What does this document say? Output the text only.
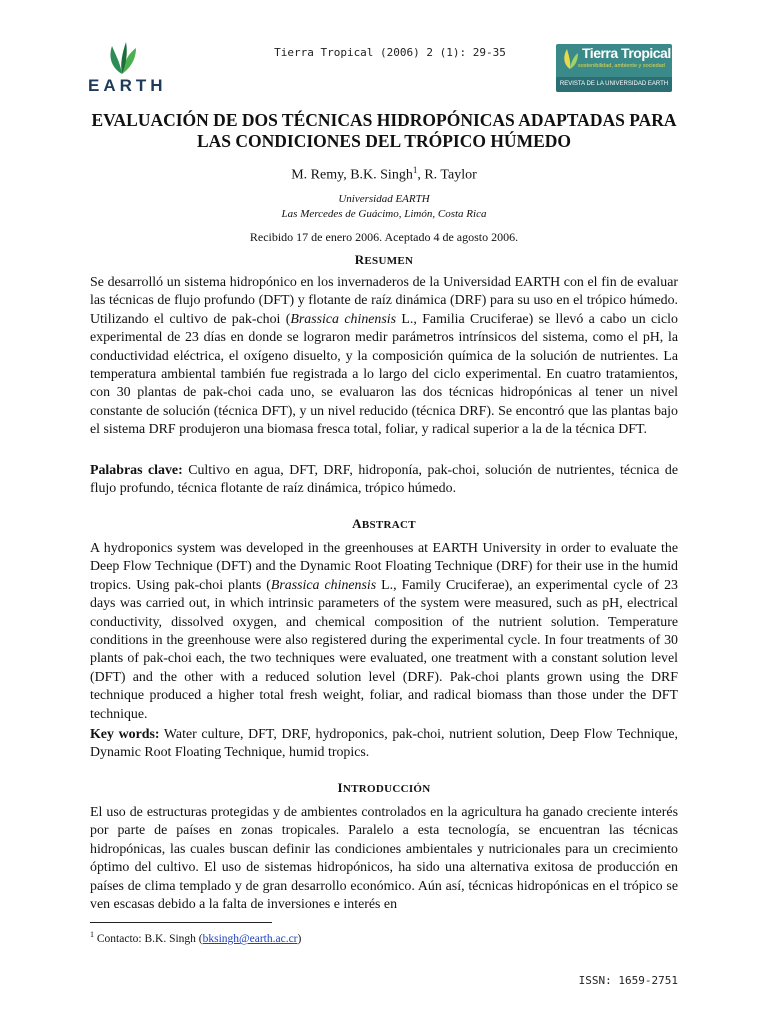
EARTH
Tierra Tropical (2006) 2 (1): 29-35	Tierra Tropical
sostenibilidad, ambiente y sociedad
REVISTA DE LA UNIVERSIDAD EARTH
EVALUACIÓN DE DOS TÉCNICAS HIDROPÓNICAS ADAPTADAS PARA LAS CONDICIONES DEL TRÓPICO HÚMEDO
M. Remy, B.K. Singh$^1$, R. Taylor
Universidad EARTH
Las Mercedes de Guácimo, Limón, Costa Rica
Recibido 17 de enero 2006. Aceptado 4 de agosto 2006.
RESUMEN

Se desarrolló un sistema hidropónico en los invernaderos de la Universidad EARTH con el fin de evaluar las técnicas de flujo profundo (DFT) y flotante de raíz dinámica (DRF) para su uso en el trópico húmedo. Utilizando el cultivo de pak-choi (Brassica chinensis L., Familia Cruciferae) se llevó a cabo un ciclo experimental de 23 días en donde se lograron medir parámetros intrínsicos del sistema, como el pH, la conductividad eléctrica, el oxígeno disuelto, y la composición química de la solución de nutrientes. La temperatura ambiental también fue registrada a lo largo del ciclo experimental. En cuatro tratamientos, con 30 plantas de pak-choi cada uno, se evaluaron las dos técnicas hidropónicas al tener un nivel constante de solución (técnica DFT), y un nivel reducido (técnica DRF). Se encontró que las plantas bajo el sistema DRF produjeron una biomasa fresca total, foliar, y radical superior a la de la técnica DFT.

Palabras clave: Cultivo en agua, DFT, DRF, hidroponía, pak-choi, solución de nutrientes, técnica de flujo profundo, técnica flotante de raíz dinámica, trópico húmedo.

ABSTRACT

A hydroponics system was developed in the greenhouses at EARTH University in order to evaluate the Deep Flow Technique (DFT) and the Dynamic Root Floating Technique (DRF) for their use in the humid tropics. Using pak-choi plants (Brassica chinensis L., Family Cruciferae), an experimental cycle of 23 days was carried out, in which intrinsic parameters of the system were measured, such as pH, electrical conductivity, dissolved oxygen, and chemical composition of the nutrient solution. Temperature conditions in the greenhouse were also registered during the experimental cycle. In four treatments of 30 plants of pak-choi each, the two techniques were evaluated, one treatment with a constant solution level (DFT) and the other with a reduced solution level (DRF). Pak-choi plants grown using the DRF technique produced a higher total fresh weight, foliar, and radical biomass than those under the DFT technique.

Key words: Water culture, DFT, DRF, hydroponics, pak-choi, nutrient solution, Deep Flow Technique, Dynamic Root Floating Technique, humid tropics.

INTRODUCCIÓN

El uso de estructuras protegidas y de ambientes controlados en la agricultura ha ganado creciente interés por parte de países en zonas tropicales. Paralelo a esta tecnología, se encuentran las técnicas hidropónicas, las cuales buscan definir las condiciones ambientales y nutricionales para un crecimiento óptimo del cultivo. El uso de sistemas hidropónicos, ha sido una alternativa exitosa de producción en países de clima templado y de gran desarrollo económico. Aún así, técnicas hidropónicas en el trópico se ven escasas debido a la falta de inversiones e interés en

$^1$ Contacto: B.K. Singh (bksingh@earth.ac.cr)
ISSN: 1659-2751
